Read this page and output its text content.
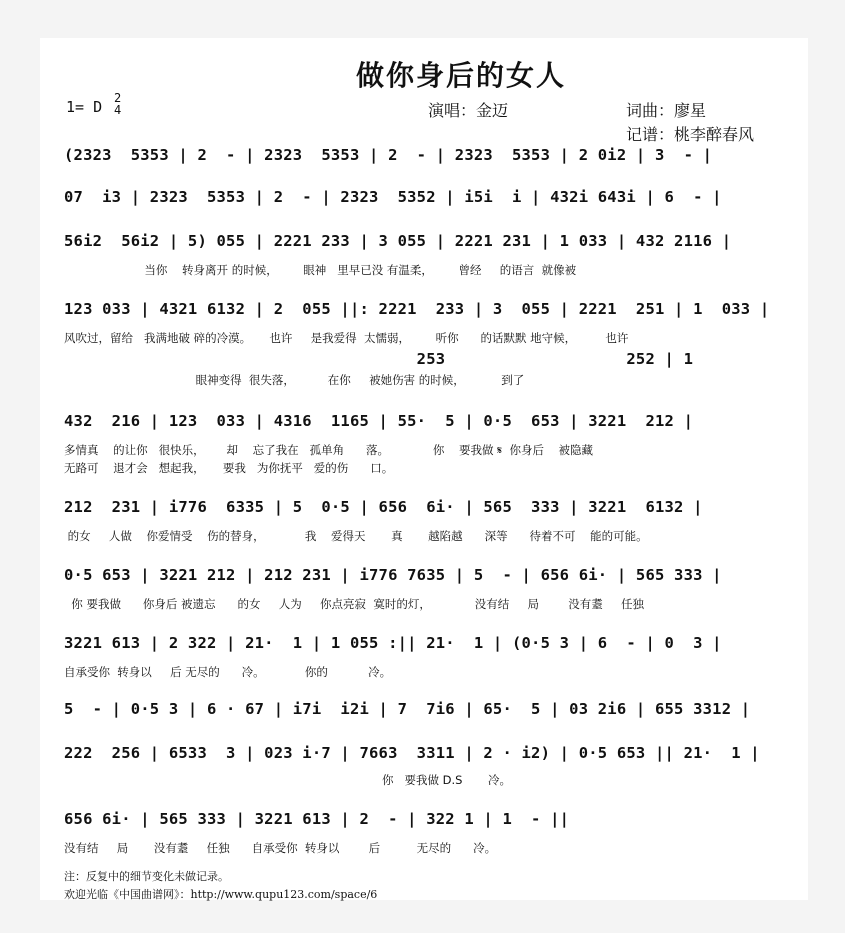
做你身后的女人
演唱：金迈	词曲：廖星
记谱：桃李醉春风
1= D 2
4
(2323  5353 | 2  - | 2323  5353 | 2  - | 2323  5353 | 2 0i2 | 3  - |
07  i3 | 2323  5353 | 2  - | 2323  5352 | i5i  i | 432i 643i | 6  - |
56i2  56i2 | 5) 055 | 2221 233 | 3 055 | 2221 231 | 1 033 | 432 2116 |
当你    转身离开 的时候，       眼神   里早已没 有温柔，       曾经     的语言  就像被
123 033 | 4321 6132 | 2  055 ||: 2221  233 | 3  055 | 2221  251 | 1  033 |
风吹过，留给   我满地破 碎的冷漠。     也许     是我爱得  太懦弱，       听你      的话默默 地守候，        也许
253                   252 | 1
眼神变得  很失落，         在你     被她伤害 的时候，          到了
432  216 | 123  033 | 4316  1165 | 55·  5 | 0·5  653 | 3221  212 |
多情真    的让你   很快乐，      却    忘了我在   孤单角      落。            你    要我做 𝄋  你身后    被隐藏
无路可    退才会   想起我，     要我   为你抚平   爱的伤      口。
212  231 | i776  6335 | 5  0·5 | 656  6i· | 565  333 | 3221  6132 |
的女     人做    你爱情受    伤的替身，           我    爱得天       真       越陷越      深等      待着不可    能的可能。
0·5 653 | 3221 212 | 212 231 | i776 7635 | 5  - | 656 6i· | 565 333 |
你 要我做      你身后 被遗忘      的女     人为     你点亮寂  寞时的灯，            没有结     局        没有耋     任独
3221 613 | 2 322 | 21·  1 | 1 055 :|| 21·  1 | (0·5 3 | 6  - | 0  3 |
自承受你  转身以     后 无尽的      冷。           你的           冷。
5  - | 0·5 3 | 6 · 67 | i7i  i2i | 7  7i6 | 65·  5 | 03 2i6 | 655 3312 |
222  256 | 6533  3 | 023 i·7 | 7663  3311 | 2 · i2) | 0·5 653 || 21·  1 |
你   要我做 D.S       冷。
656 6i· | 565 333 | 3221 613 | 2  - | 322 1 | 1  - ||
没有结     局       没有耋     任独      自承受你  转身以        后          无尽的      冷。
注：反复中的细节变化未做记录。
欢迎光临《中国曲谱网》：http://www.qupu123.com/space/6
